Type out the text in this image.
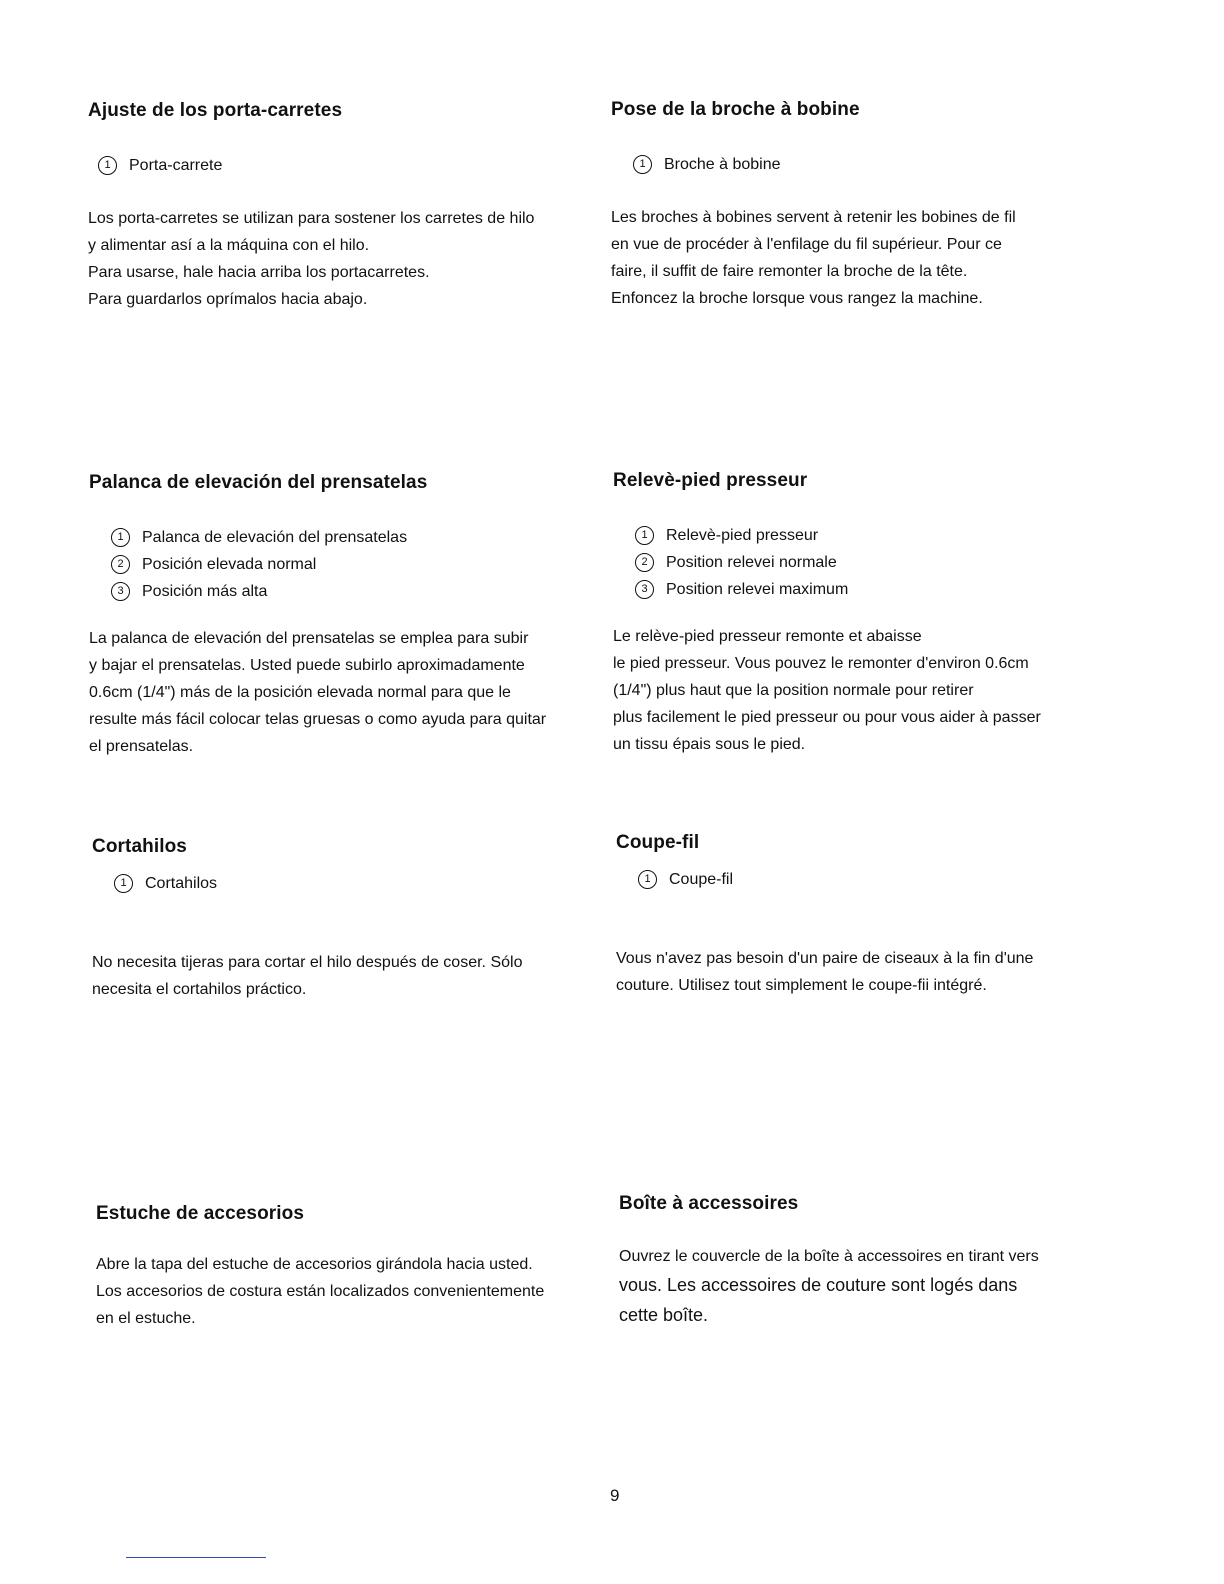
Ajuste de los porta-carretes
1	Porta-carrete

Los porta-carretes se utilizan para sostener los carretes de hilo

y alimentar así a la máquina con el hilo.

Para usarse, hale hacia arriba los portacarretes.

Para guardarlos oprímalos hacia abajo.

Pose de la broche à bobine
1	Broche à bobine

Les broches à bobines servent à retenir les bobines de fil

en vue de procéder à l'enfilage du fil supérieur. Pour ce

faire, il suffit de faire remonter la broche de la tête.

Enfoncez la broche lorsque vous rangez la machine.

Palanca de elevación del prensatelas
1	Palanca de elevación del prensatelas
2	Posición elevada normal
3	Posición más alta

La palanca de elevación del prensatelas se emplea para subir

y bajar el prensatelas. Usted puede subirlo aproximadamente

0.6cm (1/4") más de la posición elevada normal para que le

resulte más fácil colocar telas gruesas o como ayuda para quitar

el prensatelas.

Relevè-pied presseur
1	Relevè-pied presseur
2	Position relevei normale
3	Position relevei maximum

Le relève-pied presseur remonte et abaisse

le pied presseur. Vous pouvez le remonter d'environ 0.6cm

(1/4") plus haut que la position normale pour retirer

plus facilement le pied presseur ou pour vous aider à passer

un tissu épais sous le pied.

Cortahilos
1	Cortahilos

No necesita tijeras para cortar el hilo después de coser. Sólo

necesita el cortahilos práctico.

Coupe-fil
1	Coupe-fil

Vous n'avez pas besoin d'un paire de ciseaux à la fin d'une

couture. Utilisez tout simplement le coupe-fii intégré.

Estuche de accesorios

Abre la tapa del estuche de accesorios girándola hacia usted.

Los accesorios de costura están localizados convenientemente

en el estuche.

Boîte à accessoires

Ouvrez le couvercle de la boîte à accessoires en tirant vers

vous. Les accessoires de couture sont logés dans

cette boîte.

9
